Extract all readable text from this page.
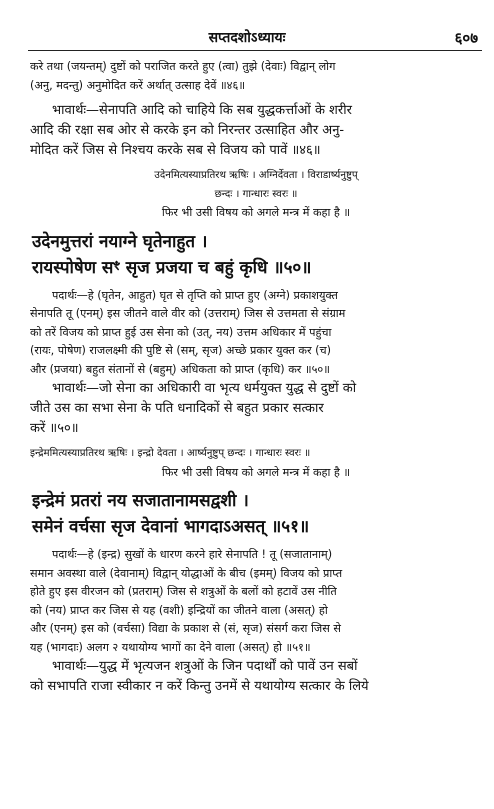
सप्तदशोऽध्यायः	६०७
करे तथा (जयन्तम्) दुष्टों को पराजित करते हुए (त्वा) तुझे (देवाः) विद्वान् लोग
(अनु, मदन्तु) अनुमोदित करें अर्थात् उत्साह देवें ॥४६॥
भावार्थः—सेनापति आदि को चाहिये कि सब युद्धकर्त्ताओं के शरीर
आदि की रक्षा सब ओर से करके इन को निरन्तर उत्साहित और अनु-
मोदित करें जिस से निश्चय करके सब से विजय को पावें ॥४६॥
उदेनमित्यस्याप्रतिरथ ऋषिः । अग्निर्देवता । विराडार्ष्यनुष्टुप्
छन्दः । गान्धारः स्वरः ॥
फिर भी उसी विषय को अगले मन्त्र में कहा है ॥
उदेनमुत्तरां नयाग्ने घृतेनाहुत ।
रायस्पोषेण सꣳ सृज प्रजया च बहुं कृधि ॥५०॥
पदार्थः—हे (घृतेन, आहुत) घृत से तृप्ति को प्राप्त हुए (अग्ने) प्रकाशयुक्त
सेनापति तू (एनम्) इस जीतने वाले वीर को (उत्तराम्) जिस से उत्तमता से संग्राम
को तरें विजय को प्राप्त हुई उस सेना को (उत्, नय) उत्तम अधिकार में पहुंचा
(रायः, पोषेण) राजलक्ष्मी की पुष्टि से (सम्, सृज) अच्छे प्रकार युक्त कर (च)
और (प्रजया) बहुत संतानों से (बहुम्) अधिकता को प्राप्त (कृधि) कर ॥५०॥
भावार्थः—जो सेना का अधिकारी वा भृत्य धर्मयुक्त युद्ध से दुष्टों को
जीते उस का सभा सेना के पति धनादिकों से बहुत प्रकार सत्कार
करें ॥५०॥
इन्द्रेममित्यस्याप्रतिरथ ऋषिः । इन्द्रो देवता । आर्ष्यनुष्टुप् छन्दः । गान्धारः स्वरः ॥
फिर भी उसी विषय को अगले मन्त्र में कहा है ॥
इन्द्रेमं प्रतरां नय सजातानामसद्वशी ।
समेनं वर्चसा सृज देवानां भागदाऽअसत् ॥५१॥
पदार्थः—हे (इन्द्र) सुखों के धारण करने हारे सेनापति ! तू (सजातानाम्)
समान अवस्था वाले (देवानाम्) विद्वान् योद्धाओं के बीच (इमम्) विजय को प्राप्त
होते हुए इस वीरजन को (प्रतराम्) जिस से शत्रुओं के बलों को हटावें उस नीति
को (नय) प्राप्त कर जिस से यह (वशी) इन्द्रियों का जीतने वाला (असत्) हो
और (एनम्) इस को (वर्चसा) विद्या के प्रकाश से (सं, सृज) संसर्ग करा जिस से
यह (भागदाः) अलग २ यथायोग्य भागों का देने वाला (असत्) हो ॥५१॥
भावार्थः—युद्ध में भृत्यजन शत्रुओं के जिन पदार्थों को पावें उन सबों
को सभापति राजा स्वीकार न करें किन्तु उनमें से यथायोग्य सत्कार के लिये
